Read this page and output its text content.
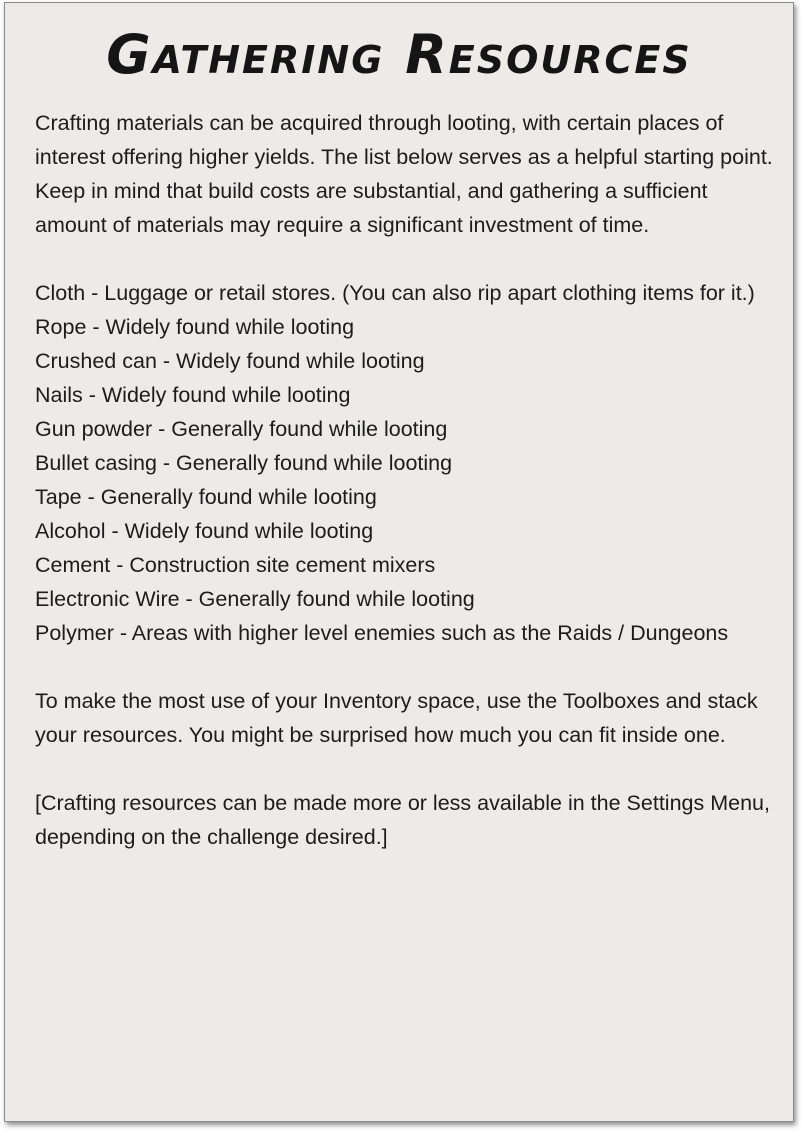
Gathering Resources

Crafting materials can be acquired through looting, with certain places of interest offering higher yields. The list below serves as a helpful starting point. Keep in mind that build costs are substantial, and gathering a sufficient amount of materials may require a significant investment of time.

Cloth - Luggage or retail stores. (You can also rip apart clothing items for it.)
Rope - Widely found while looting
Crushed can - Widely found while looting
Nails - Widely found while looting
Gun powder - Generally found while looting
Bullet casing - Generally found while looting
Tape - Generally found while looting
Alcohol - Widely found while looting
Cement - Construction site cement mixers
Electronic Wire - Generally found while looting
Polymer - Areas with higher level enemies such as the Raids / Dungeons

To make the most use of your Inventory space, use the Toolboxes and stack your resources. You might be surprised how much you can fit inside one.

[Crafting resources can be made more or less available in the Settings Menu, depending on the challenge desired.]
